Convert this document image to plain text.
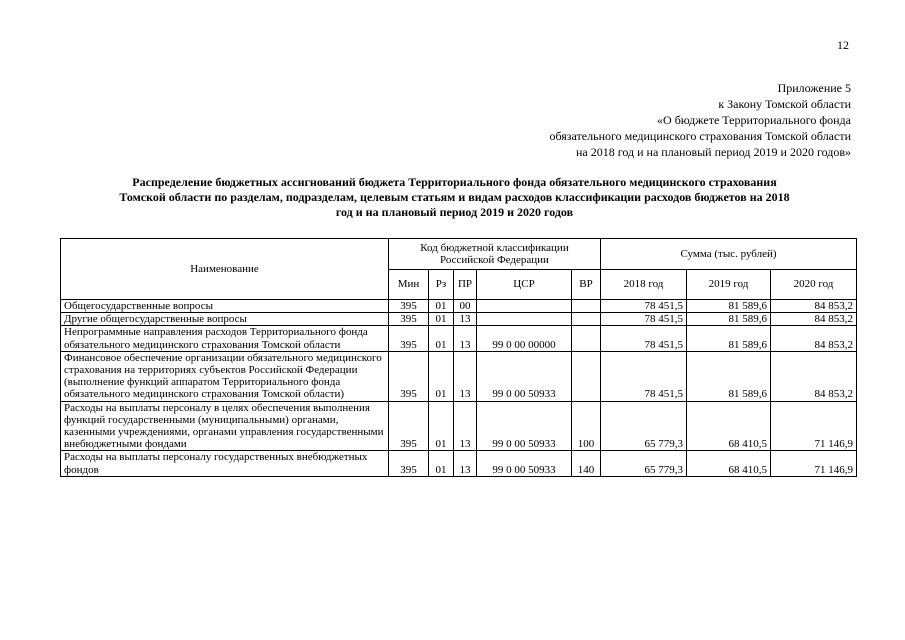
12
Приложение 5
к Закону Томской области
«О бюджете Территориального фонда
обязательного медицинского страхования Томской области
на 2018 год и на плановый период 2019 и 2020 годов»
Распределение бюджетных ассигнований бюджета Территориального фонда обязательного медицинского страхования
Томской области по разделам, подразделам, целевым статьям и видам расходов классификации расходов бюджетов на 2018
год и на плановый период 2019 и 2020 годов
Наименование	Код бюджетной классификации Российской Федерации					Сумма (тыс. рублей)		
	Мин	Рз	ПР	ЦСР	ВР	2018 год	2019 год	2020 год
Общегосударственные вопросы	395	01	00			78 451,5	81 589,6	84 853,2
Другие общегосударственные вопросы	395	01	13			78 451,5	81 589,6	84 853,2
Непрограммные направления расходов Территориального фонда обязательного медицинского страхования Томской области	395	01	13	99 0 00 00000		78 451,5	81 589,6	84 853,2
Финансовое обеспечение организации обязательного медицинского страхования на территориях субъектов Российской Федерации (выполнение функций аппаратом Территориального фонда обязательного медицинского страхования Томской области)	395	01	13	99 0 00 50933		78 451,5	81 589,6	84 853,2
Расходы на выплаты персоналу в целях обеспечения выполнения функций государственными (муниципальными) органами, казенными учреждениями, органами управления государственными внебюджетными фондами	395	01	13	99 0 00 50933	100	65 779,3	68 410,5	71 146,9
Расходы на выплаты персоналу государственных внебюджетных фондов	395	01	13	99 0 00 50933	140	65 779,3	68 410,5	71 146,9
